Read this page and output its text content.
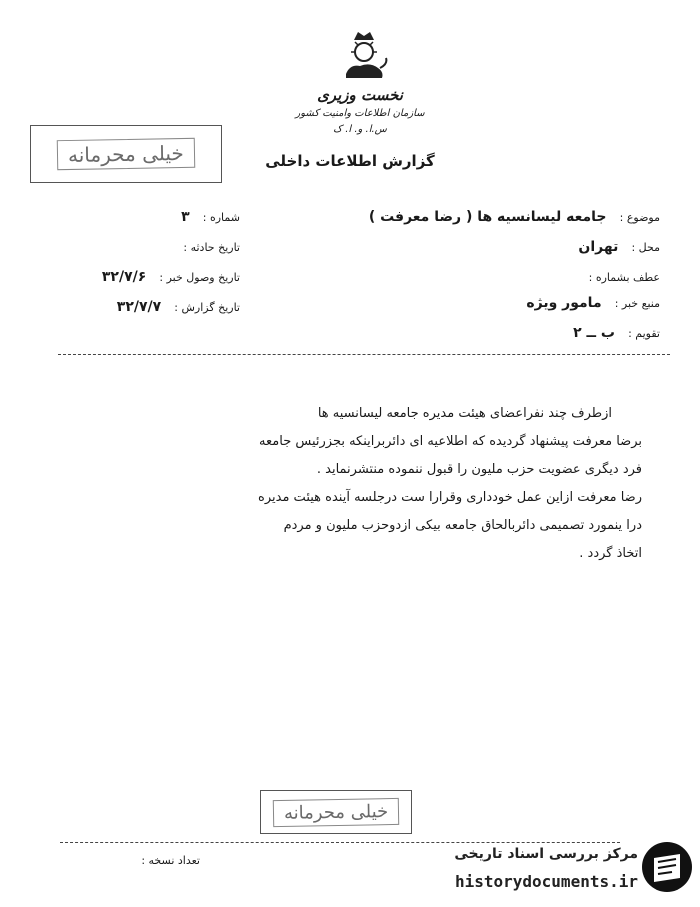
نخست وزیری
سازمان اطلاعات وامنیت کشور
س.ا. و. ا. ک
گزارش اطلاعات داخلی
خیلی محرمانه
موضوع : جامعه لیسانسیه ها ( رضا معرفت )
محل : تهران
عطف بشماره :
منبع خبر : مامور ویژه
تقویم : ب ــ ۲
شماره : ۳
تاریخ حادثه :
تاریخ وصول خبر : ۳۲/۷/۶
تاریخ گزارش : ۳۲/۷/۷
ازطرف چند نفراعضای هیئت مدیره جامعه لیسانسیه ها
برضا معرفت پیشنهاد گردیده که اطلاعیه ای دائربراینکه بجزرئیس جامعه
فرد دیگری عضویت حزب ملیون را قبول ننموده منتشرنماید .
رضا معرفت ازاین عمل خودداری وقرارا ست درجلسه آینده هیئت مدیره
درا ینمورد تصمیمی دائربالحاق جامعه بیکی ازدوحزب ملیون و مردم
اتخاذ گردد .
خیلی محرمانه
تعداد نسخه :	مرکز بررسی اسناد تاریخی
historydocuments.ir
